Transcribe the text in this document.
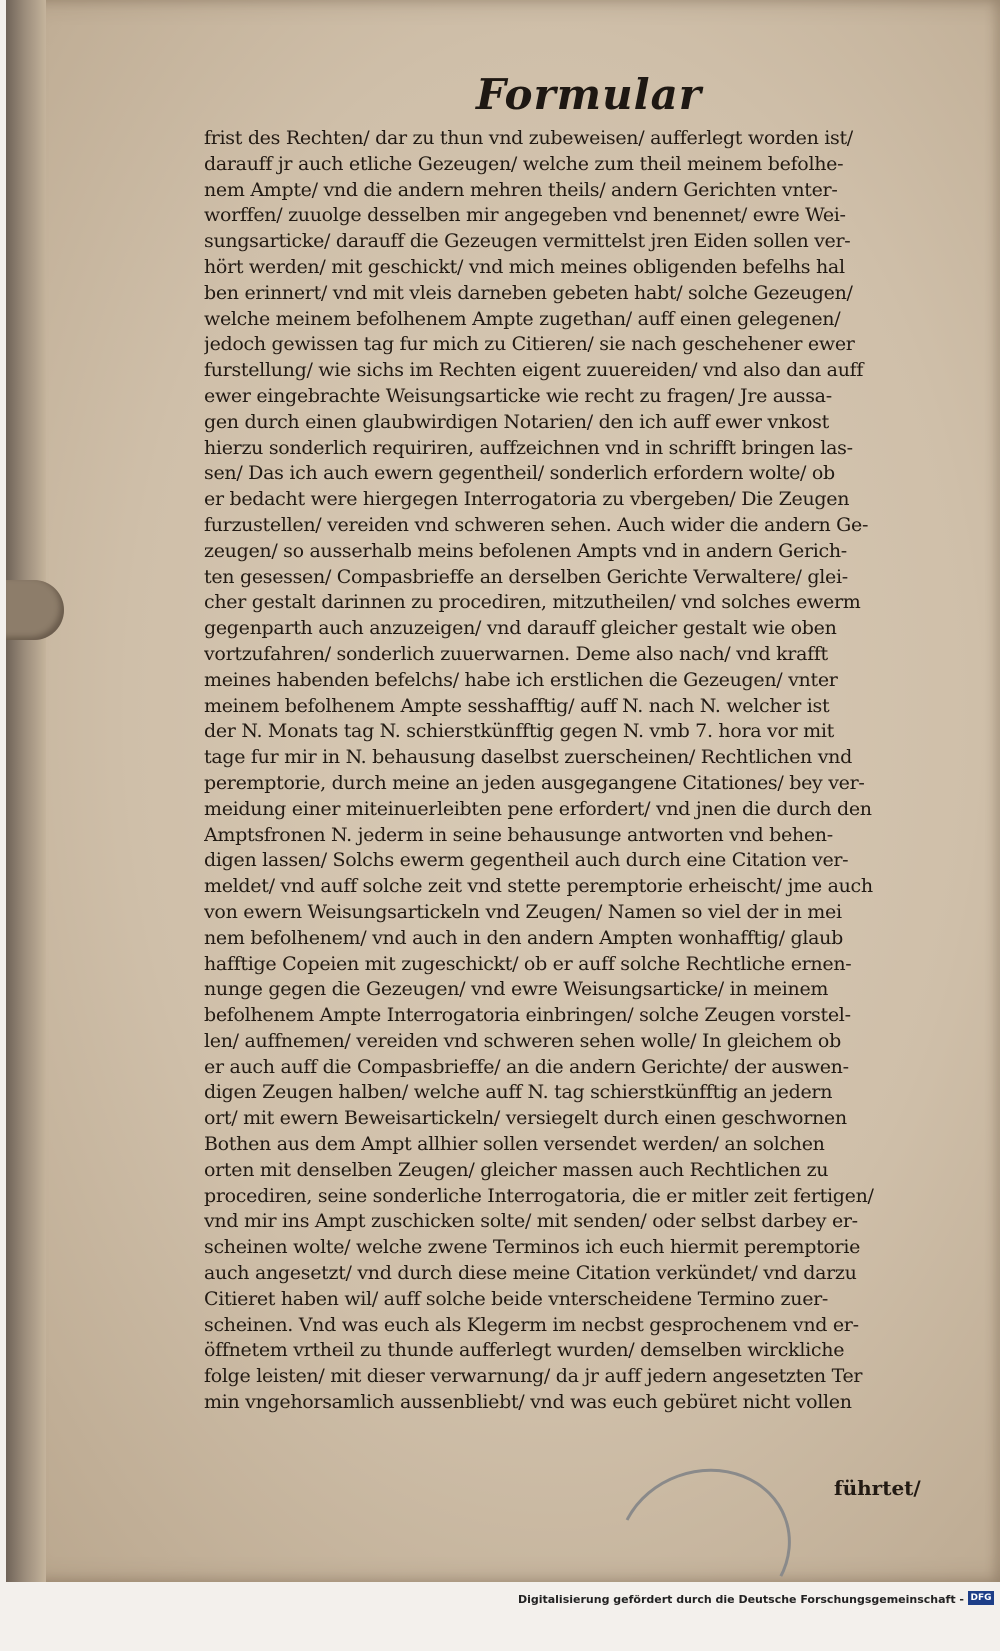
Formular
frist des Rechten/ dar zu thun vnd zubeweisen/ aufferlegt worden ist/
darauff jr auch etliche Gezeugen/ welche zum theil meinem befolhe-
nem Ampte/ vnd die andern mehren theils/ andern Gerichten vnter-
worffen/ zuuolge desselben mir angegeben vnd benennet/ ewre Wei-
sungsarticke/ darauff die Gezeugen vermittelst jren Eiden sollen ver-
hört werden/ mit geschickt/ vnd mich meines obligenden befelhs hal
ben erinnert/ vnd mit vleis darneben gebeten habt/ solche Gezeugen/
welche meinem befolhenem Ampte zugethan/ auff einen gelegenen/
jedoch gewissen tag fur mich zu Citieren/ sie nach geschehener ewer
furstellung/ wie sichs im Rechten eigent zuuereiden/ vnd also dan auff
ewer eingebrachte Weisungsarticke wie recht zu fragen/ Jre aussa-
gen durch einen glaubwirdigen Notarien/ den ich auff ewer vnkost
hierzu sonderlich requiriren, auffzeichnen vnd in schrifft bringen las-
sen/ Das ich auch ewern gegentheil/ sonderlich erfordern wolte/ ob
er bedacht were hiergegen Interrogatoria zu vbergeben/ Die Zeugen
furzustellen/ vereiden vnd schweren sehen. Auch wider die andern Ge-
zeugen/ so ausserhalb meins befolenen Ampts vnd in andern Gerich-
ten gesessen/ Compasbrieffe an derselben Gerichte Verwaltere/ glei-
cher gestalt darinnen zu procediren, mitzutheilen/ vnd solches ewerm
gegenparth auch anzuzeigen/ vnd darauff gleicher gestalt wie oben
vortzufahren/ sonderlich zuuerwarnen. Deme also nach/ vnd krafft
meines habenden befelchs/ habe ich erstlichen die Gezeugen/ vnter
meinem befolhenem Ampte sesshafftig/ auff N. nach N. welcher ist
der N. Monats tag N. schierstkünfftig gegen N. vmb 7. hora vor mit
tage fur mir in N. behausung daselbst zuerscheinen/ Rechtlichen vnd
peremptorie, durch meine an jeden ausgegangene Citationes/ bey ver-
meidung einer miteinuerleibten pene erfordert/ vnd jnen die durch den
Amptsfronen N. jederm in seine behausunge antworten vnd behen-
digen lassen/ Solchs ewerm gegentheil auch durch eine Citation ver-
meldet/ vnd auff solche zeit vnd stette peremptorie erheischt/ jme auch
von ewern Weisungsartickeln vnd Zeugen/ Namen so viel der in mei
nem befolhenem/ vnd auch in den andern Ampten wonhafftig/ glaub
hafftige Copeien mit zugeschickt/ ob er auff solche Rechtliche ernen-
nunge gegen die Gezeugen/ vnd ewre Weisungsarticke/ in meinem
befolhenem Ampte Interrogatoria einbringen/ solche Zeugen vorstel-
len/ auffnemen/ vereiden vnd schweren sehen wolle/ In gleichem ob
er auch auff die Compasbrieffe/ an die andern Gerichte/ der auswen-
digen Zeugen halben/ welche auff N. tag schierstkünfftig an jedern
ort/ mit ewern Beweisartickeln/ versiegelt durch einen geschwornen
Bothen aus dem Ampt allhier sollen versendet werden/ an solchen
orten mit denselben Zeugen/ gleicher massen auch Rechtlichen zu
procediren, seine sonderliche Interrogatoria, die er mitler zeit fertigen/
vnd mir ins Ampt zuschicken solte/ mit senden/ oder selbst darbey er-
scheinen wolte/ welche zwene Terminos ich euch hiermit peremptorie
auch angesetzt/ vnd durch diese meine Citation verkündet/ vnd darzu
Citieret haben wil/ auff solche beide vnterscheidene Termino zuer-
scheinen. Vnd was euch als Klegerm im necbst gesprochenem vnd er-
öffnetem vrtheil zu thunde aufferlegt wurden/ demselben wirckliche
folge leisten/ mit dieser verwarnung/ da jr auff jedern angesetzten Ter
min vngehorsamlich aussenbliebt/ vnd was euch gebüret nicht vollen
führtet/
Digitalisierung gefördert durch die Deutsche Forschungsgemeinschaft - DFG
